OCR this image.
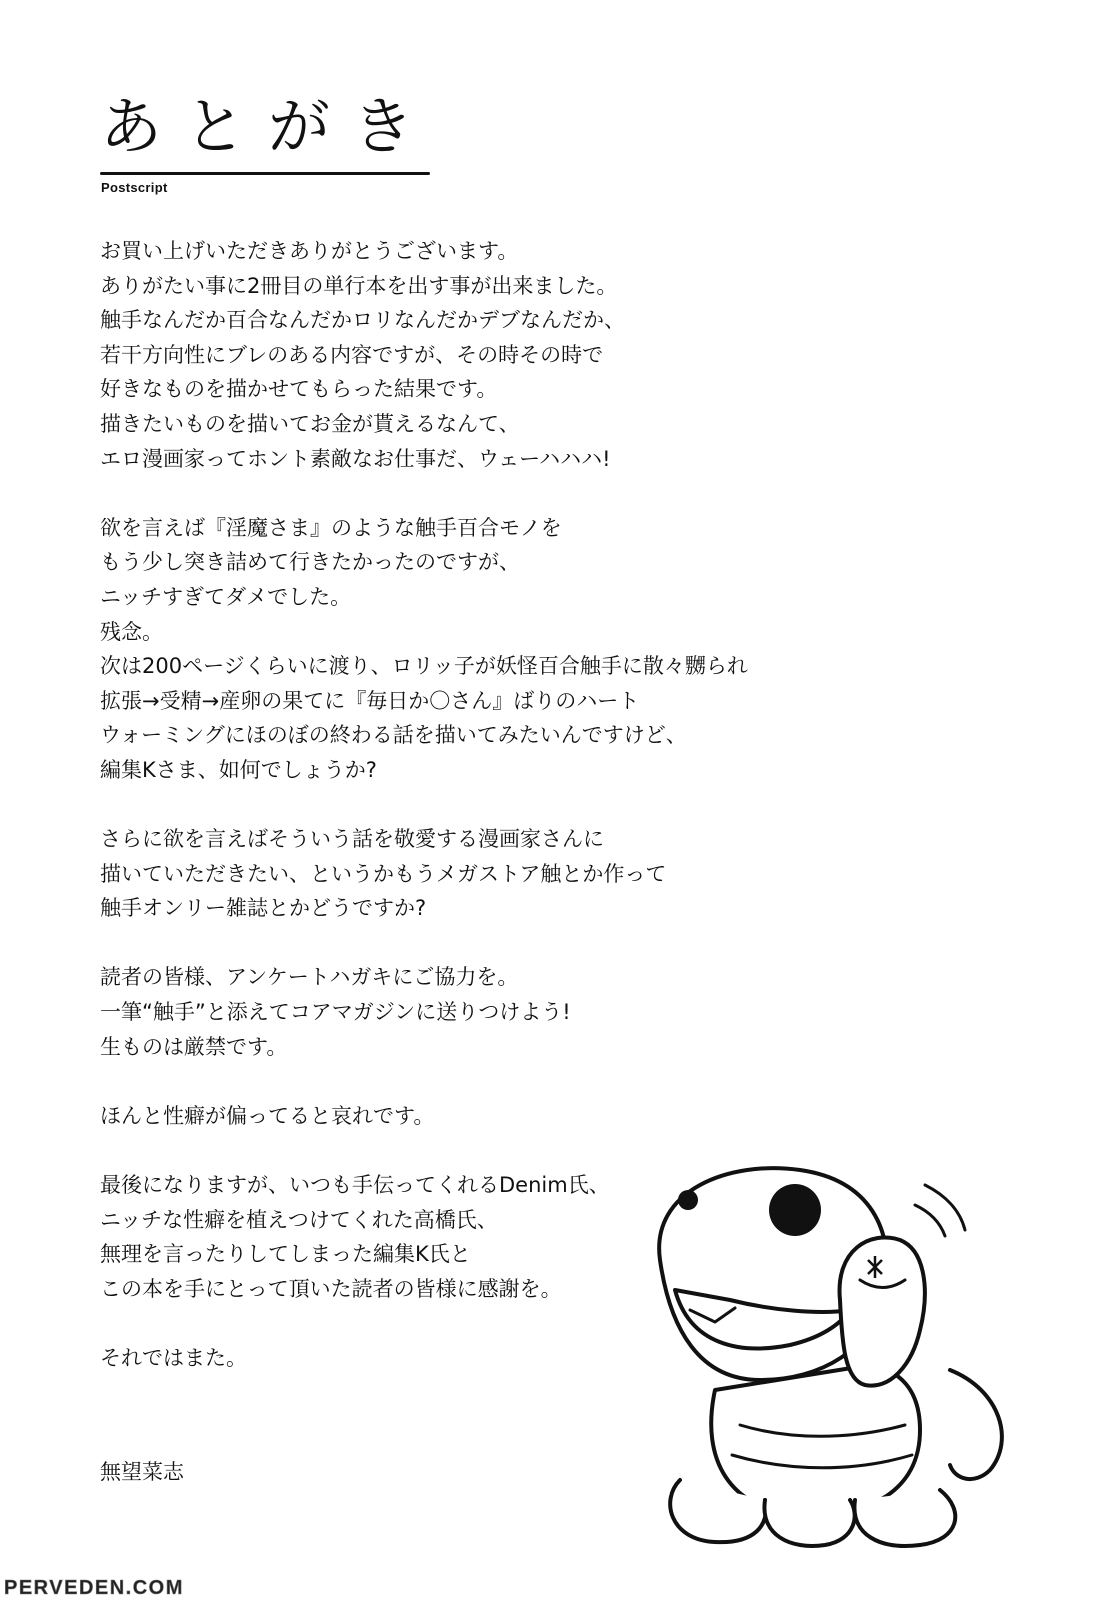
あとがき
Postscript
お買い上げいただきありがとうございます。
ありがたい事に2冊目の単行本を出す事が出来ました。
触手なんだか百合なんだかロリなんだかデブなんだか、
若干方向性にブレのある内容ですが、その時その時で
好きなものを描かせてもらった結果です。
描きたいものを描いてお金が貰えるなんて、
エロ漫画家ってホント素敵なお仕事だ、ウェーハハハ!
欲を言えば『淫魔さま』のような触手百合モノを
もう少し突き詰めて行きたかったのですが、
ニッチすぎてダメでした。
残念。
次は200ページくらいに渡り、ロリッ子が妖怪百合触手に散々嬲られ
拡張→受精→産卵の果てに『毎日か〇さん』ばりのハート
ウォーミングにほのぼの終わる話を描いてみたいんですけど、
編集Kさま、如何でしょうか?
さらに欲を言えばそういう話を敬愛する漫画家さんに
描いていただきたい、というかもうメガストア触とか作って
触手オンリー雑誌とかどうですか?
読者の皆様、アンケートハガキにご協力を。
一筆“触手”と添えてコアマガジンに送りつけよう!
生ものは厳禁です。
ほんと性癖が偏ってると哀れです。
最後になりますが、いつも手伝ってくれるDenim氏、
ニッチな性癖を植えつけてくれた高橋氏、
無理を言ったりしてしまった編集K氏と
この本を手にとって頂いた読者の皆様に感謝を。
それではまた。
無望菜志
PERVEDEN.COM
